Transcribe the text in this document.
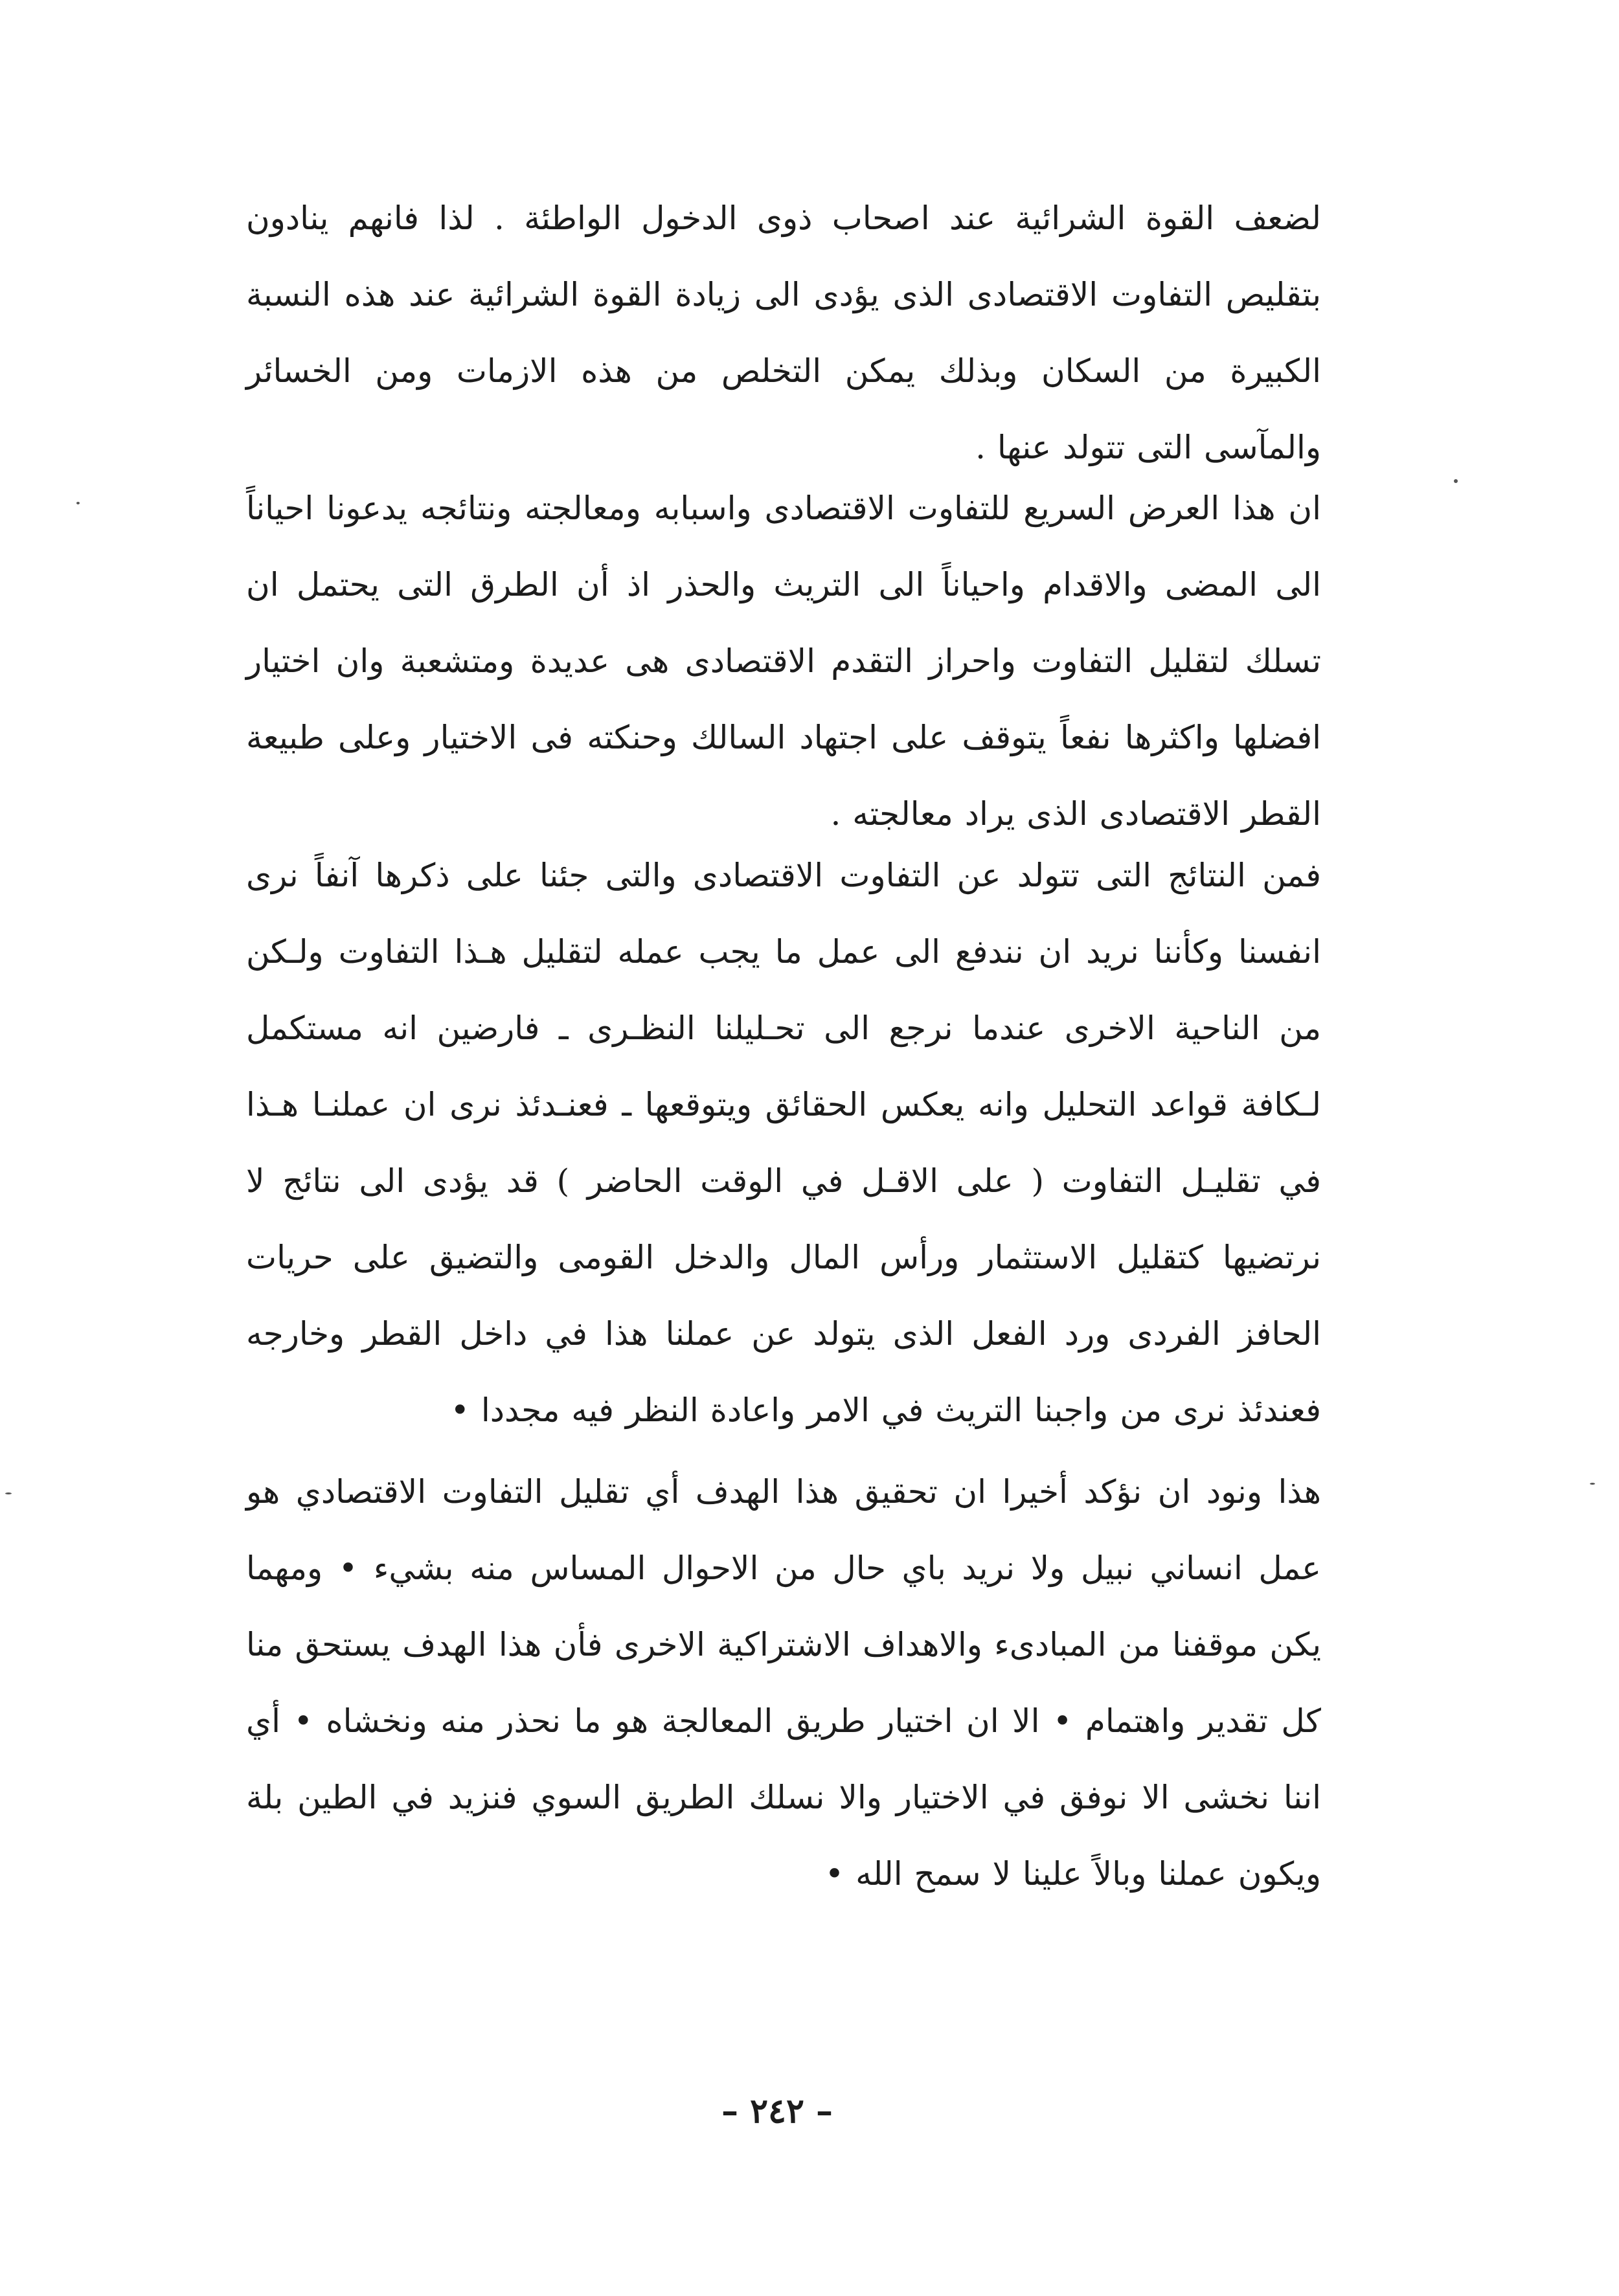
لضعف القوة الشرائية عند اصحاب ذوى الدخول الواطئة . لذا فانهم ينادون بتقليص التفاوت الاقتصادى الذى يؤدى الى زيادة القوة الشرائية عند هذه النسبة الكبيرة من السكان وبذلك يمكن التخلص من هذه الازمات ومن الخسائر والمآسى التى تتولد عنها .

ان هذا العرض السريع للتفاوت الاقتصادى واسبابه ومعالجته ونتائجه يدعونا احياناً الى المضى والاقدام واحياناً الى التريث والحذر اذ أن الطرق التى يحتمل ان تسلك لتقليل التفاوت واحراز التقدم الاقتصادى هى عديدة ومتشعبة وان اختيار افضلها واكثرها نفعاً يتوقف على اجتهاد السالك وحنكته فى الاختيار وعلى طبيعة القطر الاقتصادى الذى يراد معالجته .

فمن النتائج التى تتولد عن التفاوت الاقتصادى والتى جئنا على ذكرها آنفاً نرى انفسنا وكأننا نريد ان نندفع الى عمل ما يجب عمله لتقليل هـذا التفاوت ولـكن من الناحية الاخرى عندما نرجع الى تحـليلنا النظـرى ـ فارضين انه مستكمل لـكافة قواعد التحليل وانه يعكس الحقائق ويتوقعها ـ فعنـدئذ نرى ان عملنـا هـذا في تقليـل التفاوت ( على الاقـل في الوقت الحاضر ) قد يؤدى الى نتائج لا نرتضيها كتقليل الاستثمار ورأس المال والدخل القومى والتضيق على حريات الحافز الفردى ورد الفعل الذى يتولد عن عملنا هذا في داخل القطر وخارجه فعندئذ نرى من واجبنا التريث في الامر واعادة النظر فيه مجددا •

هذا ونود ان نؤكد أخيرا ان تحقيق هذا الهدف أي تقليل التفاوت الاقتصادي هو عمل انساني نبيل ولا نريد باي حال من الاحوال المساس منه بشيء • ومهما يكن موقفنا من المبادىء والاهداف الاشتراكية الاخرى فأن هذا الهدف يستحق منا كل تقدير واهتمام • الا ان اختيار طريق المعالجة هو ما نحذر منه ونخشاه • أي اننا نخشى الا نوفق في الاختيار والا نسلك الطريق السوي فنزيد في الطين بلة ويكون عملنا وبالاً علينا لا سمح الله •

– ٢٤٢ –
